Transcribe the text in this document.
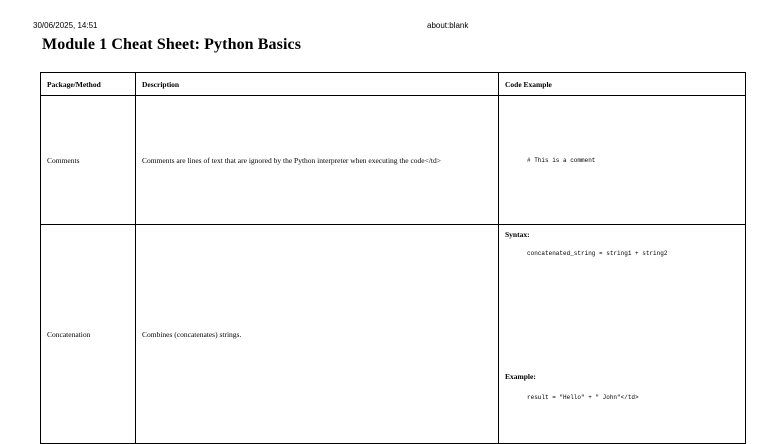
30/06/2025, 14:51	about:blank
Module 1 Cheat Sheet: Python Basics
Package/Method	Description	Code Example
Comments	Comments are lines of text that are ignored by the Python interpreter when executing the code</td>	# This is a comment

Concatenation	Combines (concatenates) strings.	Syntax:
concatenated_string = string1 + string2
Example:
result = "Hello" + " John"</td>
